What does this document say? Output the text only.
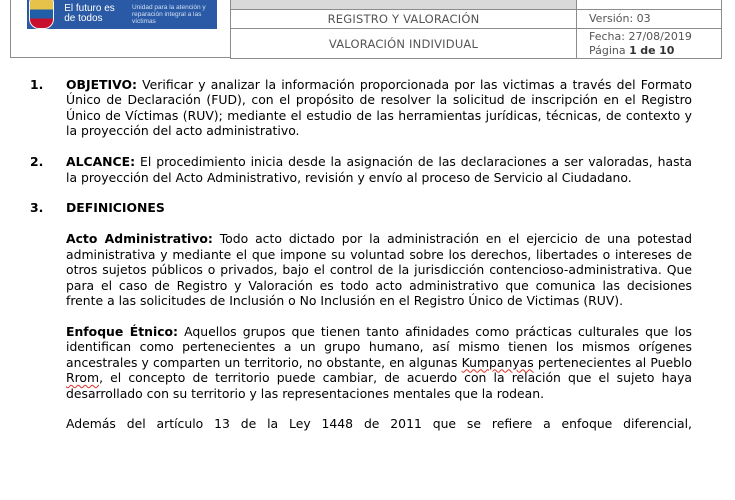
El futuro es de todos
Unidad para la atención y reparación integral a las víctimas	REGISTRO Y VALORACIÓN
VALORACIÓN INDIVIDUAL
Versión: 03
Fecha: 27/08/2019
Página 1 de 10
1. OBJETIVO: Verificar y analizar la información proporcionada por las victimas a través del Formato Único de Declaración (FUD), con el propósito de resolver la solicitud de inscripción en el Registro Único de Víctimas (RUV); mediante el estudio de las herramientas jurídicas, técnicas, de contexto y la proyección del acto administrativo.
2. ALCANCE: El procedimiento inicia desde la asignación de las declaraciones a ser valoradas, hasta la proyección del Acto Administrativo, revisión y envío al proceso de Servicio al Ciudadano.
3. DEFINICIONES

Acto Administrativo: Todo acto dictado por la administración en el ejercicio de una potestad administrativa y mediante el que impone su voluntad sobre los derechos, libertades o intereses de otros sujetos públicos o privados, bajo el control de la jurisdicción contencioso-administrativa. Que para el caso de Registro y Valoración es todo acto administrativo que comunica las decisiones frente a las solicitudes de Inclusión o No Inclusión en el Registro Único de Victimas (RUV).

Enfoque Étnico: Aquellos grupos que tienen tanto afinidades como prácticas culturales que los identifican como pertenecientes a un grupo humano, así mismo tienen los mismos orígenes ancestrales y comparten un territorio, no obstante, en algunas Kumpanyas pertenecientes al Pueblo Rrom, el concepto de territorio puede cambiar, de acuerdo con la relación que el sujeto haya desarrollado con su territorio y las representaciones mentales que la rodean.

Además del artículo 13 de la Ley 1448 de 2011 que se refiere a enfoque diferencial,
